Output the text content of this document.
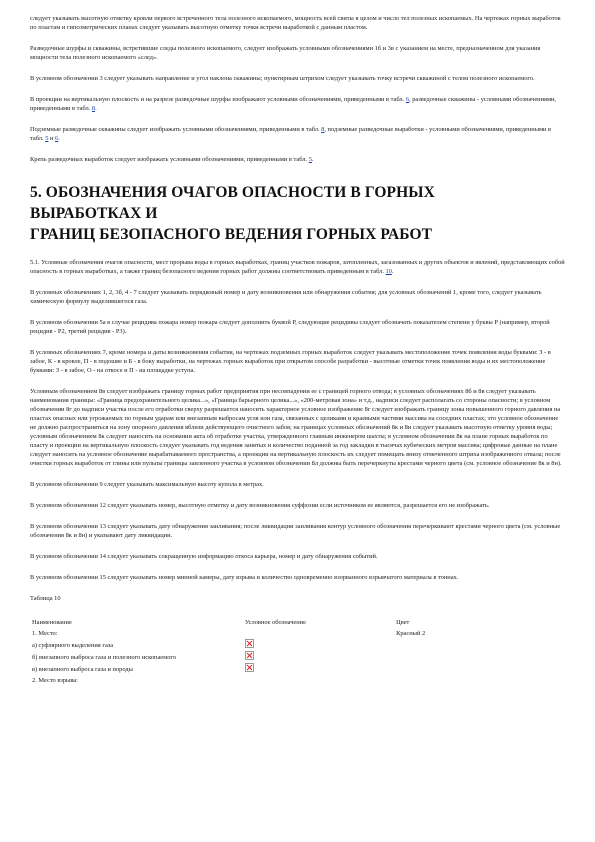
следует указывать высотную отметку кровли первого встреченного тела полезного ископаемого, мощность всей свиты в целом и число тел полезных ископаемых. На чертежах горных выработок по пластам и гипсометрических планах следует указывать высотную отметку точки встречи выработкой с данным пластом.

Разведочные шурфы и скважины, встретившие следы полезного ископаемого, следует изображать условными обозначениями 1б и 3в с указанием на месте, предназначенном для указания мощности тела полезного ископаемого «след».

В условном обозначении 3 следует указывать направление и угол наклона скважины; пунктирным штрихом следует указывать точку встречи скважиной с телом полезного ископаемого.

В проекции на вертикальную плоскость и на разрезе разведочные шурфы изображают условными обозначениями, приведенными в табл. 6, разведочные скважины - условными обозначениями, приведенными в табл. 8.

Подземные разведочные скважины следует изображать условными обозначениями, приведенными в табл. 8, подземные разведочные выработки - условными обозначениями, приведенными в табл. 5 и 6.

Крепь разведочных выработок следует изображать условными обозначениями, приведенными в табл. 5.

5. ОБОЗНАЧЕНИЯ ОЧАГОВ ОПАСНОСТИ В ГОРНЫХ
ВЫРАБОТКАХ И
ГРАНИЦ БЕЗОПАСНОГО ВЕДЕНИЯ ГОРНЫХ РАБОТ

5.1. Условные обозначения очагов опасности, мест прорыва воды в горных выработках, границ участков пожаров, затопленных, загазованных и других объектов и явлений, представляющих собой опасность в горных выработках, а также границ безопасного ведения горных работ должны соответствовать приведенным в табл. 10.

В условных обозначениях 1, 2, 3б, 4 - 7 следует указывать порядковый номер и дату возникновения или обнаружения события; для условных обозначений 1, кроме того, следует указывать химическую формулу выделившегося газа.

В условном обозначении 5а в случае рецидива пожара номер пожара следует дополнить буквой Р, следующие рецидивы следует обозначать показателем степени у буквы Р (например, второй рецидив - Р2, третий рецидив - Р3).

В условных обозначениях 7, кроме номера и даты возникновения события, на чертежах подземных горных выработок следует указывать местоположение точек появления воды буквами: З - в забое, К - в кровле, П - в подошве и Б - в боку выработки, на чертежах горных выработок при открытом способе разработки - высотные отметки точек появления воды и их местоположение буквами: З - в забое, О - на откосе и П - на площадке уступа.

Условным обозначением 8в следует изображать границу горных работ предприятия при несовпадении ее с границей горного отвода; в условных обозначениях 8б и 8в следует указывать наименования границы: «Граница предохранительного целика...», «Граница барьерного целика...», «200-метровая зона» и т.д., надписи следует располагать со стороны опасности; в условном обозначении 8г до надписи участка после его отработки сверху разрешается наносить характерное условное изображение 8г следует изображать границу зоны повышенного горного давления на пластах опасных или угрожаемых по горным ударам или внезапным выбросам угля или газа, связанных с целиками и краевыми частями массива на соседних пластах; это условное обозначение не должно распространяться на зону опорного давления вблизи действующего очистного забоя; на границах условных обозначений 8к и 8и следует указывать высотную отметку уровня воды; условным обозначением 8к следует наносить на основании акта об отработке участка, утвержденного главным инженером шахты; в условном обозначении 8к на плане горных выработок по пласту и проекции на вертикальную плоскость следует указывать год ведения занятых и количество поданной за год закладки в тысячах кубических метров массива; цифровые данные на плане следует наносить на условное обозначение вырабатываемого пространства, а проекции на вертикальную плоскость их следует помещать внизу отмеченного штриха изображенного отвала; после очистки горных выработок от глины или пульпы границы заиленного участка в условном обозначении 8л должны быть перечеркнуты крестами черного цвета (см. условное обозначение 8к и 8н).

В условном обозначении 9 следует указывать максимальную высоту купола в метрах.

В условном обозначении 12 следует указывать номер, высотную отметку и дату возникновения суффозии если источником ее являются, разрешается его не изображать.

В условном обозначении 13 следует указывать дату обнаружения заиливания; после ликвидации заиливания контур условного обозначения перечеркивают крестами черного цвета (см. условные обозначения 8к и 8н) и указывают дату ликвидации.

В условном обозначении 14 следует указывать сокращенную информацию откоса карьера, номер и дату обнаружения событий.

В условном обозначении 15 следует указывать номер минной камеры, дату взрыва и количество одновременно взорванного взрывчатого материала в тоннах.

Таблица 10
Наименование	Условное обозначение	Цвет
1. Место:		Красный 2
а) суфлярного выделения газа		
б) внезапного выброса газа и полезного ископаемого		
в) внезапного выброса газа и породы		
2. Место взрыва:		
